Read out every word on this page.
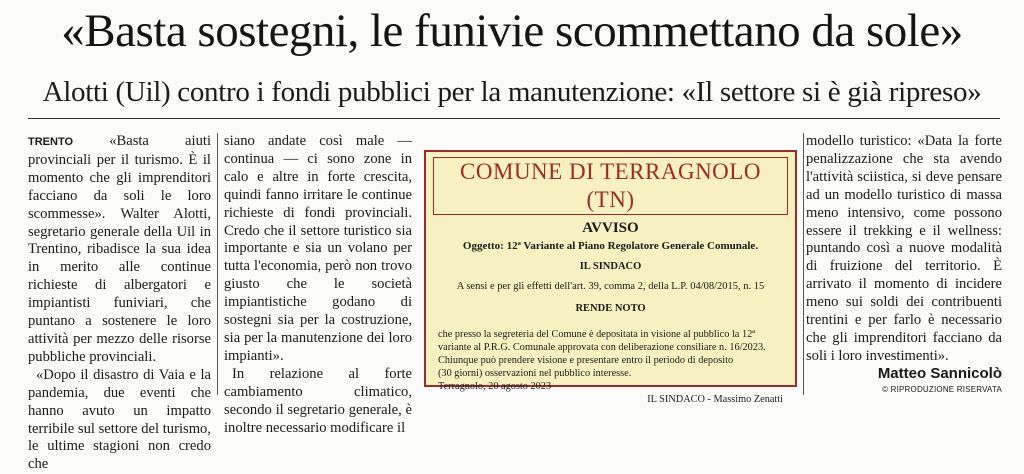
«Basta sostegni, le funivie scommettano da sole»
Alotti (Uil) contro i fondi pubblici per la manutenzione: «Il settore si è già ripreso»

TRENTO «Basta aiuti provinciali per il turismo. È il momento che gli imprenditori facciano da soli le loro scommesse». Walter Alotti, segretario generale della Uil in Trentino, ribadisce la sua idea in merito alle continue richieste di albergatori e impiantisti funiviari, che puntano a sostenere le loro attività per mezzo delle risorse pubbliche provinciali.

«Dopo il disastro di Vaia e la pandemia, due eventi che hanno avuto un impatto terribile sul settore del turismo, le ultime stagioni non credo che

siano andate così male — continua — ci sono zone in calo e altre in forte crescita, quindi fanno irritare le continue richieste di fondi provinciali. Credo che il settore turistico sia importante e sia un volano per tutta l'economia, però non trovo giusto che le società impiantistiche godano di sostegni sia per la costruzione, sia per la manutenzione dei loro impianti».

In relazione al forte cambiamento climatico, secondo il segretario generale, è inoltre necessario modificare il

COMUNE DI TERRAGNOLO (TN)
AVVISO
Oggetto: 12ª Variante al Piano Regolatore Generale Comunale.
IL SINDACO
A sensi e per gli effetti dell'art. 39, comma 2, della L.P. 04/08/2015, n. 15
RENDE NOTO
che presso la segreteria del Comune è depositata in visione al pubblico la 12ª
variante al P.R.G. Comunale approvata con deliberazione consiliare n. 16/2023.
Chiunque può prendere visione e presentare entro il periodo di deposito
(30 giorni) osservazioni nel pubblico interesse.
Terragnolo, 20 agosto 2023
IL SINDACO - Massimo Zenatti

modello turistico: «Data la forte penalizzazione che sta avendo l'attività sciistica, si deve pensare ad un modello turistico di massa meno intensivo, come possono essere il trekking e il wellness: puntando così a nuove modalità di fruizione del territorio. È arrivato il momento di incidere meno sui soldi dei contribuenti trentini e per farlo è necessario che gli imprenditori facciano da soli i loro investimenti».

Matteo Sannicolò
© RIPRODUZIONE RISERVATA
